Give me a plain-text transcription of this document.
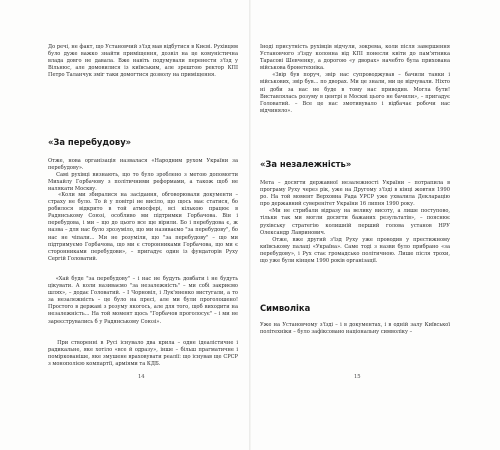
До речі, не факт, що Установчий з'їзд мав відбутися в Києві. Рухівцям було дуже важко знайти приміщення, дозвіл на це комуністична влада довго не давала. Вже навіть подумували перенести з'їзд у Вільнюс, але домовилися із київським, але зрештою ректор КПІ Петро Таланчук зміг таки домогтися дозволу на приміщення.

«За перебудову»

Отже, нова організація назвалася «Народним рухом України за перебудову».
Самі рухівці визнають, що то було зроблено з метою допомогти Михайлу Горбачову з політичними реформами, а також щоб не налякати Москву.

«Коли ми збиралися на засідання, обговорювали документи – страху не було. То й у повітрі не висіло, що щось має статися, бо робилося відкрито в той атмосфері, всі кількою працює в Радянському Союзі, особливо ми підтримки Горбачова. Він і перебудова, і ми – що до цього все ще вірили. Бо і перебудова є, ж назва – для нас було зрозуміло, що ми називаємо "за перебудову", бо нас не чіпали... Ми не розуміли, що "за перебудову" – що ми підтримуємо Горбачова, що ми є сторонниками Горбачова, що ми є сторонниками перебудови», – пригадує один із фундаторів Руху Сергій Головатий.

«Хай буде "за перебудову" – і нас не будуть довбати і не будуть цікувати. А коли називаємо "за незалежність" – ми собі закриємо шлях», – додає Головатий. – І Чорновіл, і Лук'яненко вистугали, а то за незалежність – це було на пресі, але ми були проголошено! Простого в державі з розуму якогось, але для того, щоб виходити на незалежність... На той момент щось "Горбачов проголосує" – і ми не зареєструвались б у Радянському Союзі».

При створенні в Русі існувало два крила – одне ідеалістичне і радикальне, яке хотіло «все й одразу», інше – більш прагматичне і поміркованіше, яке змушене враховувати реалії: що існував ще СРСР з монополією компартії, арміями та КДБ.

14

Іноді присутність рухівців відчули, зокрема, коли після завершення Установчого з'їзду колонна від КПІ понесли квіти до пам'ятника Тарасові Шевченку, а дорогою «у дворах» начебто була прихована військова бронетехніка.
«Звір був поруч, звір нас супроводжував – бачили танки і військових, звір був... по дворах. Ми це знали, ми це відчували. Ніхто ні доби за нас не буде в тому нас приводив. Могла бути! Виставлялась розуму в центрі в Москві цього не бачили», – пригадує Головатий. – Все це нас змотивувало і відбачає робочи нас відчиняло».

«За незалежність»

Мета – досягти державної незалежності України – потрапила в програму Руху через рік, уже на Другому з'їзді в кінці жовтня 1990 ро. На той момент Верховна Рада УРСР уже ухвалила Декларацію про державний суверенітет України 16 липня 1990 року.
«Ми не стрибали відразу на велику висоту, а лише поступово, тільки так ми могли досягти бажаних результатів», – пояснює рухівську стратегію колишній перший голова установ НРУ Олександр Лавринович.
Отже, вже другий з'їзд Руху уже проводив у престижному київському палаці «Україна». Саме тоді з назви було прибрано «за перебудову», і Рух стає громадсько політичною. Лише після трохи, що уже були кінцем 1990 років організації.

Символіка

Уже на Установчому з'їзді – і в документах, і в одній залу Київської політехніки – було зафіксовано національну символіку –

15
